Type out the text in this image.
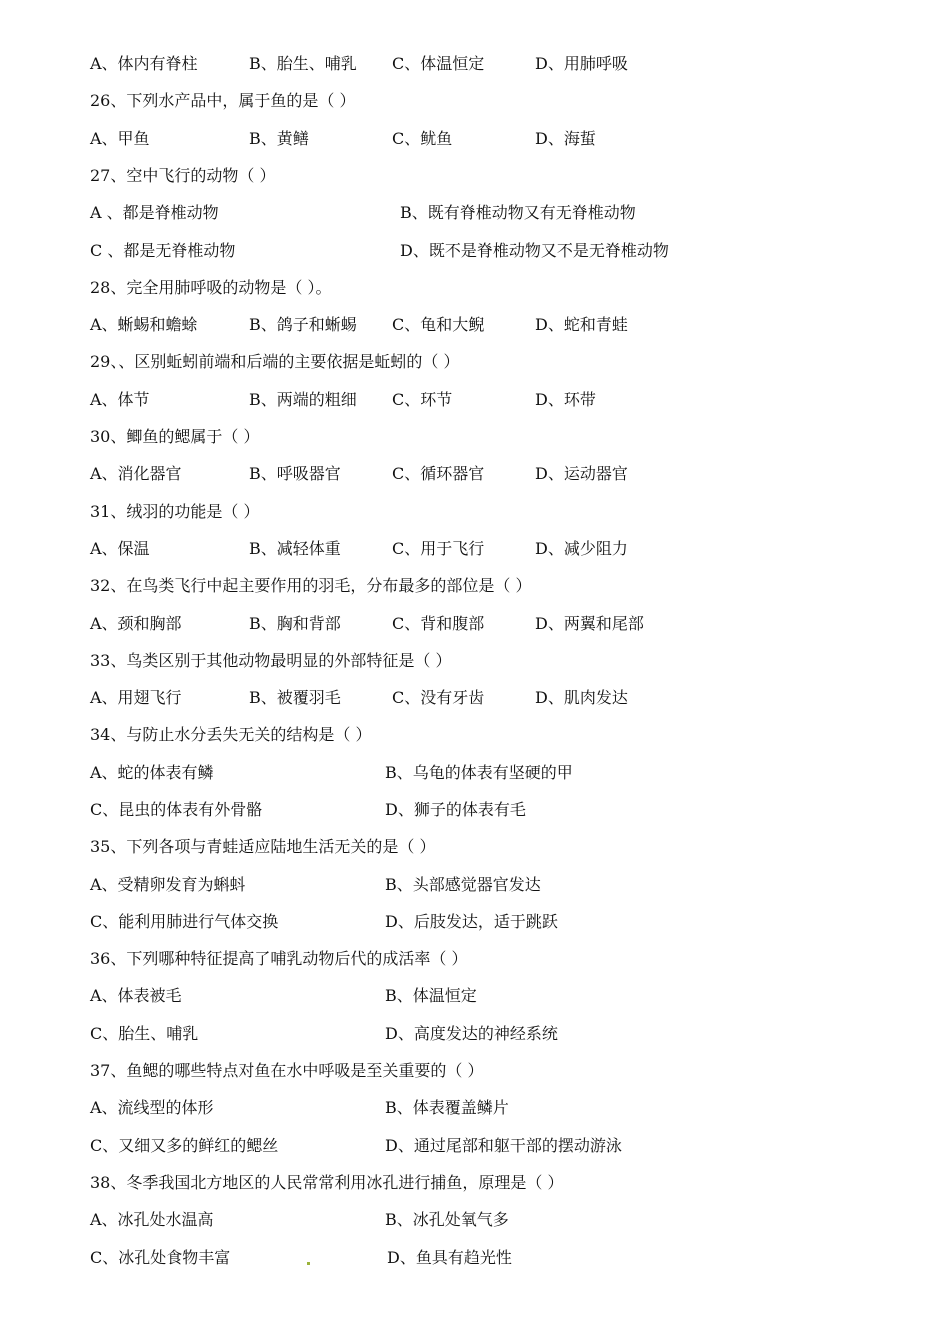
A、体内有脊柱	B、胎生、哺乳 C、体温恒定	D、用肺呼吸
26、下列水产品中，属于鱼的是（ ）
A、甲鱼	B、黄鳝	C、鱿鱼	D、海蜇
27、空中飞行的动物（ ）
A 、都是脊椎动物	B、既有脊椎动物又有无脊椎动物
C 、都是无脊椎动物	D、既不是脊椎动物又不是无脊椎动物
28、完全用肺呼吸的动物是（ ）。
A、蜥蜴和蟾蜍	B、鸽子和蜥蜴 C、龟和大鲵	D、蛇和青蛙
29、、区别蚯蚓前端和后端的主要依据是蚯蚓的（ ）
A、体节	B、两端的粗细 C、环节	D、环带
30、鲫鱼的鳃属于（ ）
A、消化器官	B、呼吸器官	C、循环器官	D、运动器官
31、绒羽的功能是（ ）
A、保温	B、减轻体重	C、用于飞行	D、减少阻力
32、在鸟类飞行中起主要作用的羽毛，分布最多的部位是（ ）
A、颈和胸部	B、胸和背部	C、背和腹部	D、两翼和尾部
33、鸟类区别于其他动物最明显的外部特征是（ ）
A、用翅飞行	B、被覆羽毛	C、没有牙齿	D、肌肉发达
34、与防止水分丢失无关的结构是（ ）
A、蛇的体表有鳞	B、乌龟的体表有坚硬的甲
C、昆虫的体表有外骨骼	D、狮子的体表有毛
35、下列各项与青蛙适应陆地生活无关的是（ ）
A、受精卵发育为蝌蚪	B、头部感觉器官发达
C、能利用肺进行气体交换	D、后肢发达，适于跳跃
36、下列哪种特征提高了哺乳动物后代的成活率（ ）
A、体表被毛	B、体温恒定
C、胎生、哺乳	D、高度发达的神经系统
37、鱼鳃的哪些特点对鱼在水中呼吸是至关重要的（ ）
A、流线型的体形	B、体表覆盖鳞片
C、又细又多的鲜红的鳃丝	D、通过尾部和躯干部的摆动游泳
38、冬季我国北方地区的人民常常利用冰孔进行捕鱼，原理是（ ）
A、冰孔处水温高	B、冰孔处氧气多
C、冰孔处食物丰富	D、鱼具有趋光性
